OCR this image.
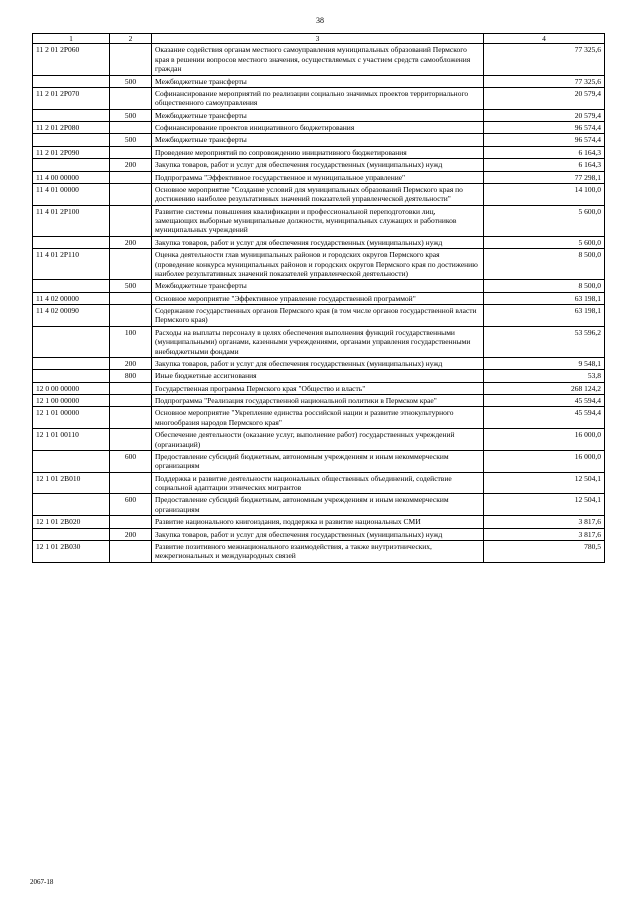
38
1	2	3	4
11 2 01 2P060		Оказание содействия органам местного самоуправления муниципальных образований Пермского края в решении вопросов местного значения, осуществляемых с участием средств самообложения граждан	77 325,6
	500	Межбюджетные трансферты	77 325,6
11 2 01 2P070		Софинансирование мероприятий по реализации социально значимых проектов территориального общественного самоуправления	20 579,4
	500	Межбюджетные трансферты	20 579,4
11 2 01 2P080		Софинансирование проектов инициативного бюджетирования	96 574,4
	500	Межбюджетные трансферты	96 574,4
11 2 01 2P090		Проведение мероприятий по сопровождению инициативного бюджетирования	6 164,3
	200	Закупка товаров, работ и услуг для обеспечения государственных (муниципальных) нужд	6 164,3
11 4 00 00000		Подпрограмма "Эффективное государственное и муниципальное управление"	77 298,1
11 4 01 00000		Основное мероприятие "Создание условий для муниципальных образований Пермского края по достижению наиболее результативных значений показателей управленческой деятельности"	14 100,0
11 4 01 2P100		Развитие системы повышения квалификации и профессиональной переподготовки лиц, замещающих выборные муниципальные должности, муниципальных служащих и работников муниципальных учреждений	5 600,0
	200	Закупка товаров, работ и услуг для обеспечения государственных (муниципальных) нужд	5 600,0
11 4 01 2P110		Оценка деятельности глав муниципальных районов и городских округов Пермского края (проведение конкурса муниципальных районов и городских округов Пермского края по достижению наиболее результативных значений показателей управленческой деятельности)	8 500,0
	500	Межбюджетные трансферты	8 500,0
11 4 02 00000		Основное мероприятие "Эффективное управление государственной программой"	63 198,1
11 4 02 00090		Содержание государственных органов Пермского края (в том числе органов государственной власти Пермского края)	63 198,1
	100	Расходы на выплаты персоналу в целях обеспечения выполнения функций государственными (муниципальными) органами, казенными учреждениями, органами управления государственными внебюджетными фондами	53 596,2
	200	Закупка товаров, работ и услуг для обеспечения государственных (муниципальных) нужд	9 548,1
	800	Иные бюджетные ассигнования	53,8
12 0 00 00000		Государственная программа Пермского края "Общество и власть"	268 124,2
12 1 00 00000		Подпрограмма "Реализация государственной национальной политики в Пермском крае"	45 594,4
12 1 01 00000		Основное мероприятие "Укрепление единства российской нации и развитие этнокультурного многообразия народов Пермского края"	45 594,4
12 1 01 00110		Обеспечение деятельности (оказание услуг, выполнение работ) государственных учреждений (организаций)	16 000,0
	600	Предоставление субсидий бюджетным, автономным учреждениям и иным некоммерческим организациям	16 000,0
12 1 01 2B010		Поддержка и развитие деятельности национальных общественных объединений, содействие социальной адаптации этнических мигрантов	12 504,1
	600	Предоставление субсидий бюджетным, автономным учреждениям и иным некоммерческим организациям	12 504,1
12 1 01 2B020		Развитие национального книгоиздания, поддержка и развитие национальных СМИ	3 817,6
	200	Закупка товаров, работ и услуг для обеспечения государственных (муниципальных) нужд	3 817,6
12 1 01 2B030		Развитие позитивного межнационального взаимодействия, а также внутриэтнических, межрегиональных и международных связей	780,5
2067-18
